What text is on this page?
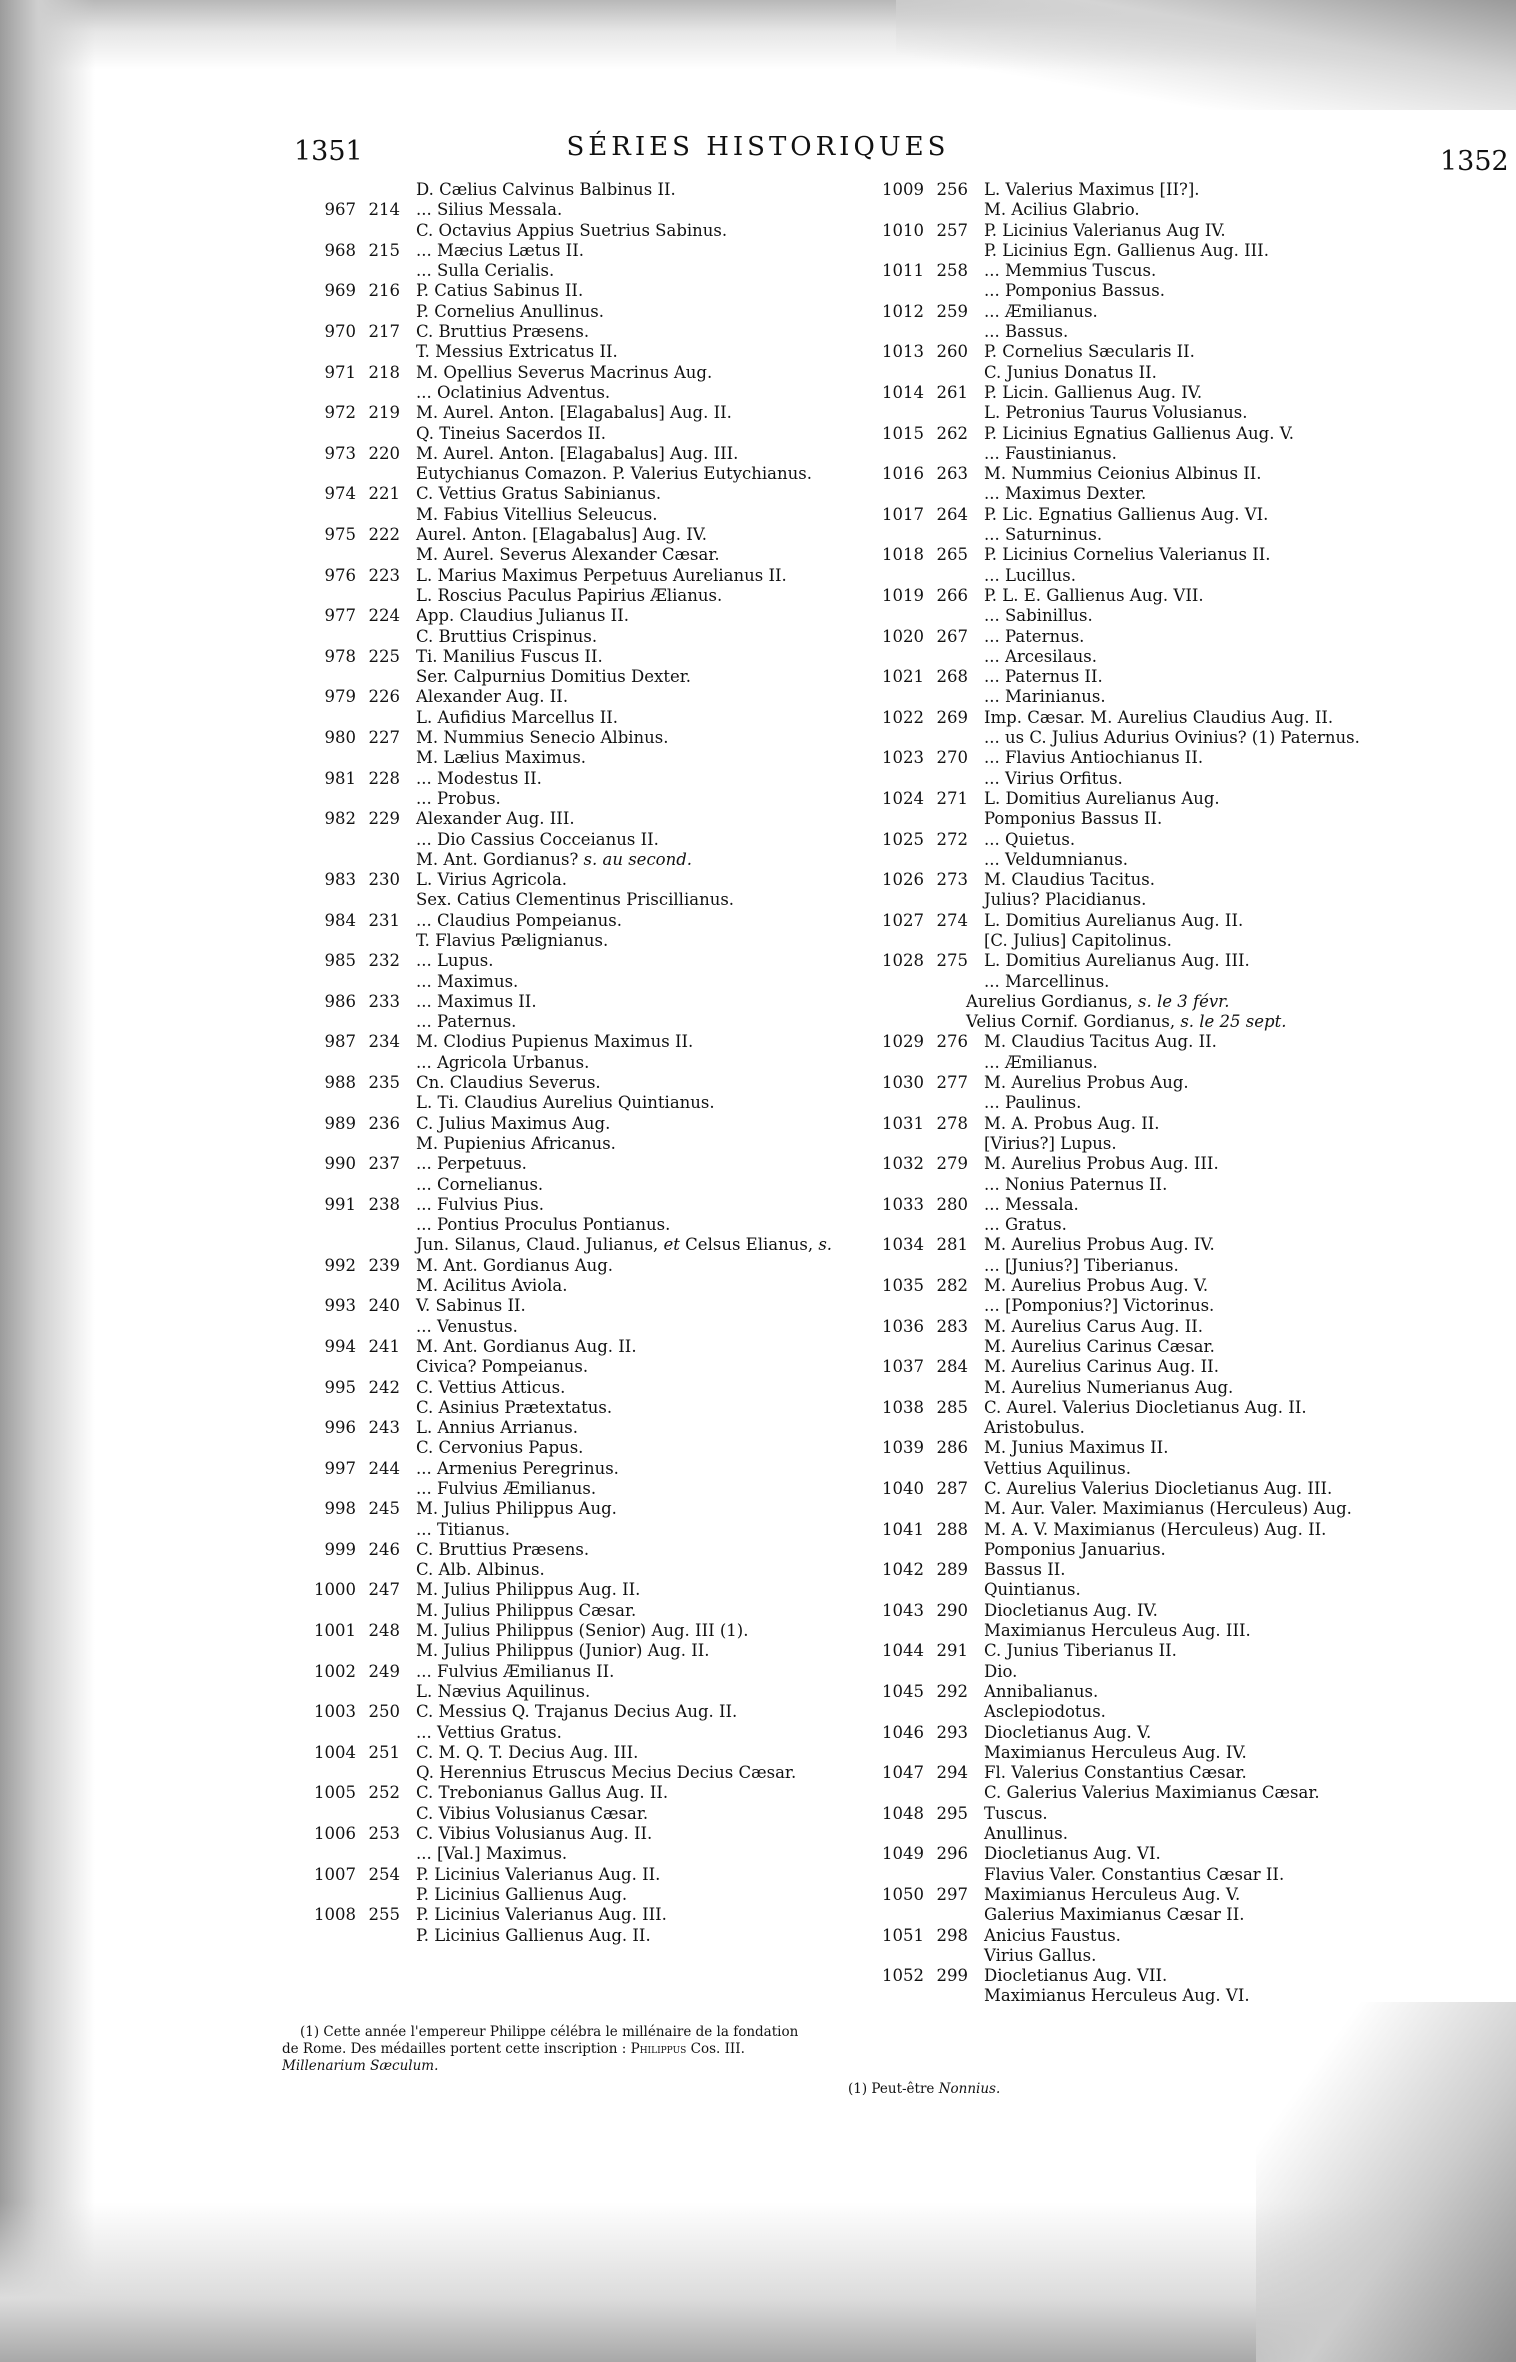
1351	SÉRIES HISTORIQUES	1352
D. Cælius Calvinus Balbinus II.
967 214 ... Silius Messala.
C. Octavius Appius Suetrius Sabinus.
968 215 ... Mæcius Lætus II.
... Sulla Cerialis.
969 216 P. Catius Sabinus II.
P. Cornelius Anullinus.
970 217 C. Bruttius Præsens.
T. Messius Extricatus II.
971 218 M. Opellius Severus Macrinus Aug.
... Oclatinius Adventus.
972 219 M. Aurel. Anton. [Elagabalus] Aug. II.
Q. Tineius Sacerdos II.
973 220 M. Aurel. Anton. [Elagabalus] Aug. III.
Eutychianus Comazon. P. Valerius Eutychianus.
974 221 C. Vettius Gratus Sabinianus.
M. Fabius Vitellius Seleucus.
975 222 Aurel. Anton. [Elagabalus] Aug. IV.
M. Aurel. Severus Alexander Cæsar.
976 223 L. Marius Maximus Perpetuus Aurelianus II.
L. Roscius Paculus Papirius Ælianus.
977 224 App. Claudius Julianus II.
C. Bruttius Crispinus.
978 225 Ti. Manilius Fuscus II.
Ser. Calpurnius Domitius Dexter.
979 226 Alexander Aug. II.
L. Aufidius Marcellus II.
980 227 M. Nummius Senecio Albinus.
M. Lælius Maximus.
981 228 ... Modestus II.
... Probus.
982 229 Alexander Aug. III.
... Dio Cassius Cocceianus II.
M. Ant. Gordianus? s. au second.
983 230 L. Virius Agricola.
Sex. Catius Clementinus Priscillianus.
984 231 ... Claudius Pompeianus.
T. Flavius Pælignianus.
985 232 ... Lupus.
... Maximus.
986 233 ... Maximus II.
... Paternus.
987 234 M. Clodius Pupienus Maximus II.
... Agricola Urbanus.
988 235 Cn. Claudius Severus.
L. Ti. Claudius Aurelius Quintianus.
989 236 C. Julius Maximus Aug.
M. Pupienius Africanus.
990 237 ... Perpetuus.
... Cornelianus.
991 238 ... Fulvius Pius.
... Pontius Proculus Pontianus.
Jun. Silanus, Claud. Julianus, et Celsus Elianus, s.
992 239 M. Ant. Gordianus Aug.
M. Acilitus Aviola.
993 240 V. Sabinus II.
... Venustus.
994 241 M. Ant. Gordianus Aug. II.
Civica? Pompeianus.
995 242 C. Vettius Atticus.
C. Asinius Prætextatus.
996 243 L. Annius Arrianus.
C. Cervonius Papus.
997 244 ... Armenius Peregrinus.
... Fulvius Æmilianus.
998 245 M. Julius Philippus Aug.
... Titianus.
999 246 C. Bruttius Præsens.
C. Alb. Albinus.
1000 247 M. Julius Philippus Aug. II.
M. Julius Philippus Cæsar.
1001 248 M. Julius Philippus (Senior) Aug. III (1).
M. Julius Philippus (Junior) Aug. II.
1002 249 ... Fulvius Æmilianus II.
L. Nævius Aquilinus.
1003 250 C. Messius Q. Trajanus Decius Aug. II.
... Vettius Gratus.
1004 251 C. M. Q. T. Decius Aug. III.
Q. Herennius Etruscus Mecius Decius Cæsar.
1005 252 C. Trebonianus Gallus Aug. II.
C. Vibius Volusianus Cæsar.
1006 253 C. Vibius Volusianus Aug. II.
... [Val.] Maximus.
1007 254 P. Licinius Valerianus Aug. II.
P. Licinius Gallienus Aug.
1008 255 P. Licinius Valerianus Aug. III.
P. Licinius Gallienus Aug. II.
1009 256 L. Valerius Maximus [II?].
M. Acilius Glabrio.
1010 257 P. Licinius Valerianus Aug IV.
P. Licinius Egn. Gallienus Aug. III.
1011 258 ... Memmius Tuscus.
... Pomponius Bassus.
1012 259 ... Æmilianus.
... Bassus.
1013 260 P. Cornelius Sæcularis II.
C. Junius Donatus II.
1014 261 P. Licin. Gallienus Aug. IV.
L. Petronius Taurus Volusianus.
1015 262 P. Licinius Egnatius Gallienus Aug. V.
... Faustinianus.
1016 263 M. Nummius Ceionius Albinus II.
... Maximus Dexter.
1017 264 P. Lic. Egnatius Gallienus Aug. VI.
... Saturninus.
1018 265 P. Licinius Cornelius Valerianus II.
... Lucillus.
1019 266 P. L. E. Gallienus Aug. VII.
... Sabinillus.
1020 267 ... Paternus.
... Arcesilaus.
1021 268 ... Paternus II.
... Marinianus.
1022 269 Imp. Cæsar. M. Aurelius Claudius Aug. II.
... us C. Julius Adurius Ovinius? (1) Paternus.
1023 270 ... Flavius Antiochianus II.
... Virius Orfitus.
1024 271 L. Domitius Aurelianus Aug.
Pomponius Bassus II.
1025 272 ... Quietus.
... Veldumnianus.
1026 273 M. Claudius Tacitus.
Julius? Placidianus.
1027 274 L. Domitius Aurelianus Aug. II.
[C. Julius] Capitolinus.
1028 275 L. Domitius Aurelianus Aug. III.
... Marcellinus.
Aurelius Gordianus, s. le 3 févr.
Velius Cornif. Gordianus, s. le 25 sept.
1029 276 M. Claudius Tacitus Aug. II.
... Æmilianus.
1030 277 M. Aurelius Probus Aug.
... Paulinus.
1031 278 M. A. Probus Aug. II.
[Virius?] Lupus.
1032 279 M. Aurelius Probus Aug. III.
... Nonius Paternus II.
1033 280 ... Messala.
... Gratus.
1034 281 M. Aurelius Probus Aug. IV.
... [Junius?] Tiberianus.
1035 282 M. Aurelius Probus Aug. V.
... [Pomponius?] Victorinus.
1036 283 M. Aurelius Carus Aug. II.
M. Aurelius Carinus Cæsar.
1037 284 M. Aurelius Carinus Aug. II.
M. Aurelius Numerianus Aug.
1038 285 C. Aurel. Valerius Diocletianus Aug. II.
Aristobulus.
1039 286 M. Junius Maximus II.
Vettius Aquilinus.
1040 287 C. Aurelius Valerius Diocletianus Aug. III.
M. Aur. Valer. Maximianus (Herculeus) Aug.
1041 288 M. A. V. Maximianus (Herculeus) Aug. II.
Pomponius Januarius.
1042 289 Bassus II.
Quintianus.
1043 290 Diocletianus Aug. IV.
Maximianus Herculeus Aug. III.
1044 291 C. Junius Tiberianus II.
Dio.
1045 292 Annibalianus.
Asclepiodotus.
1046 293 Diocletianus Aug. V.
Maximianus Herculeus Aug. IV.
1047 294 Fl. Valerius Constantius Cæsar.
C. Galerius Valerius Maximianus Cæsar.
1048 295 Tuscus.
Anullinus.
1049 296 Diocletianus Aug. VI.
Flavius Valer. Constantius Cæsar II.
1050 297 Maximianus Herculeus Aug. V.
Galerius Maximianus Cæsar II.
1051 298 Anicius Faustus.
Virius Gallus.
1052 299 Diocletianus Aug. VII.
Maximianus Herculeus Aug. VI.
(1) Cette année l'empereur Philippe célébra le millénaire de la fondation de Rome. Des médailles portent cette inscription : Philippus Cos. III. Millenarium Sæculum.
(1) Peut-être Nonnius.
